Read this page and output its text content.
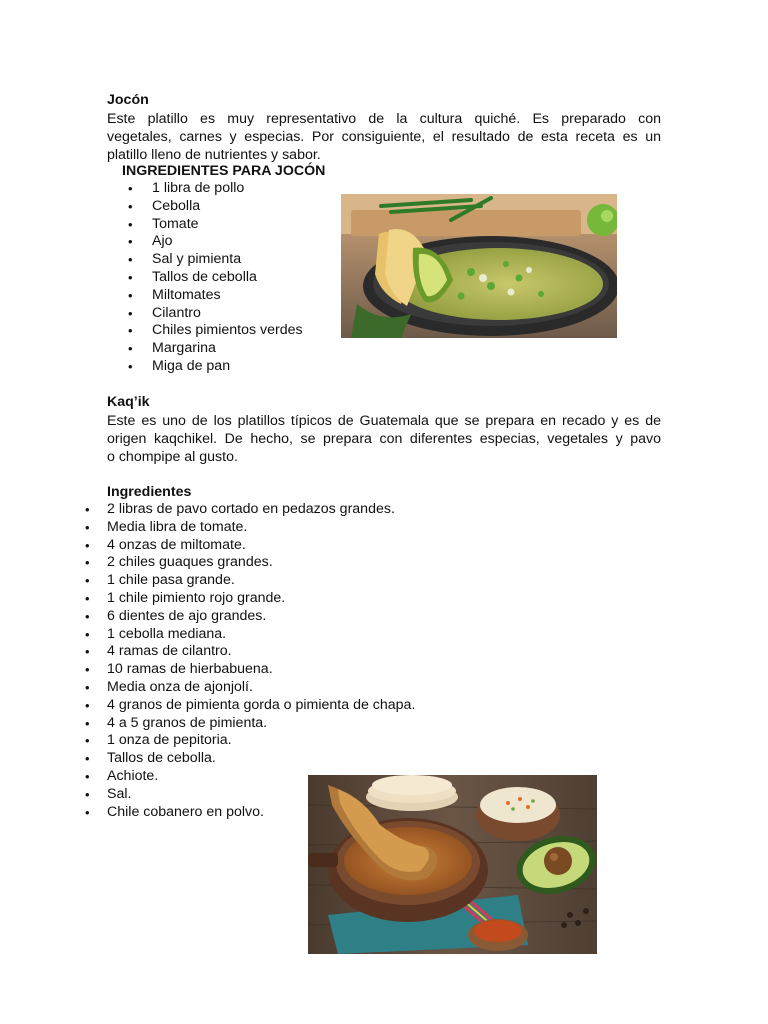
Jocón
Este platillo es muy representativo de la cultura quiché. Es preparado con
vegetales, carnes y especias. Por consiguiente, el resultado de esta receta es un
platillo lleno de nutrientes y sabor.
INGREDIENTES PARA JOCÓN
• 1 libra de pollo
• Cebolla
• Tomate
• Ajo
• Sal y pimienta
• Tallos de cebolla
• Miltomates
• Cilantro
• Chiles pimientos verdes
• Margarina
• Miga de pan
Kaq’ik
Este es uno de los platillos típicos de Guatemala que se prepara en recado y es de
origen kaqchikel. De hecho, se prepara con diferentes especias, vegetales y pavo
o chompipe al gusto.
Ingredientes
• 2 libras de pavo cortado en pedazos grandes.
• Media libra de tomate.
• 4 onzas de miltomate.
• 2 chiles guaques grandes.
• 1 chile pasa grande.
• 1 chile pimiento rojo grande.
• 6 dientes de ajo grandes.
• 1 cebolla mediana.
• 4 ramas de cilantro.
• 10 ramas de hierbabuena.
• Media onza de ajonjolí.
• 4 granos de pimienta gorda o pimienta de chapa.
• 4 a 5 granos de pimienta.
• 1 onza de pepitoria.
• Tallos de cebolla.
• Achiote.
• Sal.
• Chile cobanero en polvo.
